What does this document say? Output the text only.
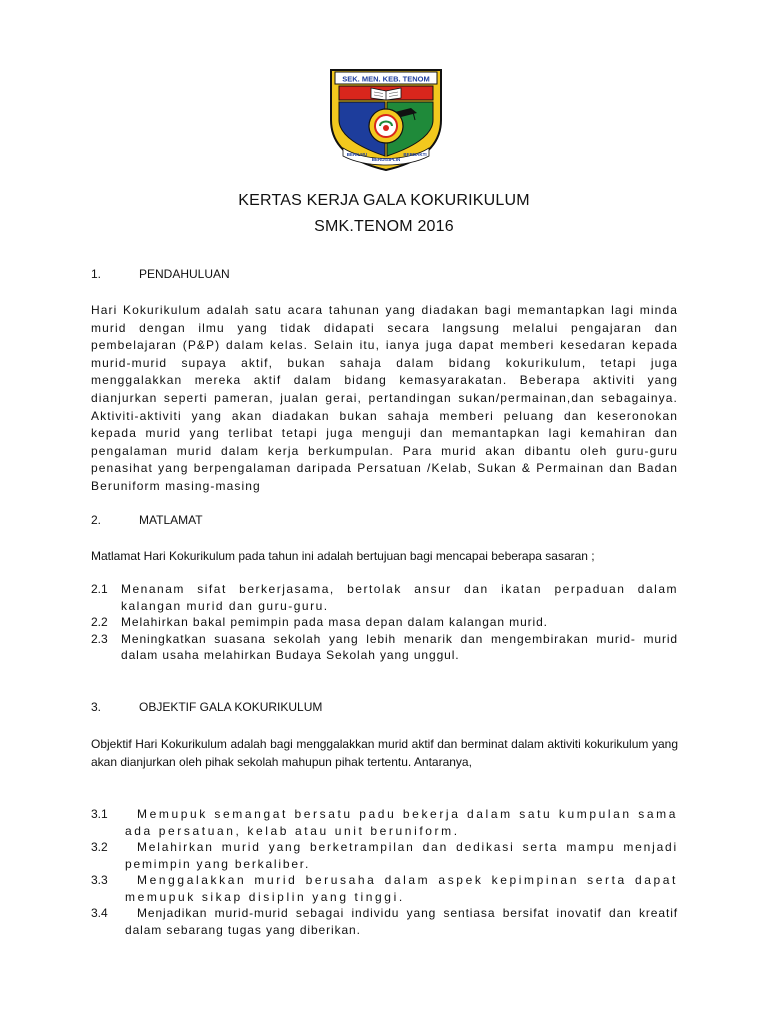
SEK. MEN. KEB. TENOM
BERILMU
BERDISIPLIN
BERBAKTI
KERTAS KERJA GALA KOKURIKULUM
SMK.TENOM 2016
1.	PENDAHULUAN
Hari Kokurikulum adalah satu acara tahunan yang diadakan bagi memantapkan lagi minda murid dengan ilmu yang tidak didapati secara langsung melalui pengajaran dan pembelajaran (P&P) dalam kelas. Selain itu, ianya juga dapat memberi kesedaran kepada murid-murid supaya aktif, bukan sahaja dalam bidang kokurikulum, tetapi juga menggalakkan mereka aktif dalam bidang kemasyarakatan. Beberapa aktiviti yang dianjurkan seperti pameran, jualan gerai, pertandingan sukan/permainan,dan sebagainya. Aktiviti-aktiviti yang akan diadakan bukan sahaja memberi peluang dan keseronokan kepada murid yang terlibat tetapi juga menguji dan memantapkan lagi kemahiran dan pengalaman murid dalam kerja berkumpulan. Para murid akan dibantu oleh guru-guru penasihat yang berpengalaman daripada Persatuan /Kelab, Sukan & Permainan dan Badan Beruniform masing-masing
2.	MATLAMAT
Matlamat Hari Kokurikulum pada tahun ini adalah bertujuan bagi mencapai beberapa sasaran ;
2.1 Menanam sifat berkerjasama, bertolak ansur dan ikatan perpaduan dalam kalangan murid dan guru-guru.
2.2 Melahirkan bakal pemimpin pada masa depan dalam kalangan murid.
2.3 Meningkatkan suasana sekolah yang lebih menarik dan mengembirakan murid- murid dalam usaha melahirkan Budaya Sekolah yang unggul.
3.	OBJEKTIF GALA KOKURIKULUM
Objektif Hari Kokurikulum adalah bagi menggalakkan murid aktif dan berminat dalam aktiviti kokurikulum yang akan dianjurkan oleh pihak sekolah mahupun pihak tertentu. Antaranya,
3.1	Memupuk semangat bersatu padu bekerja dalam satu kumpulan sama ada persatuan, kelab atau unit beruniform.
3.2	Melahirkan murid yang berketrampilan dan dedikasi serta mampu menjadi pemimpin yang berkaliber.
3.3	Menggalakkan murid berusaha dalam aspek kepimpinan serta dapat memupuk sikap disiplin yang tinggi.
3.4	Menjadikan murid-murid sebagai individu yang sentiasa bersifat inovatif dan kreatif dalam sebarang tugas yang diberikan.
